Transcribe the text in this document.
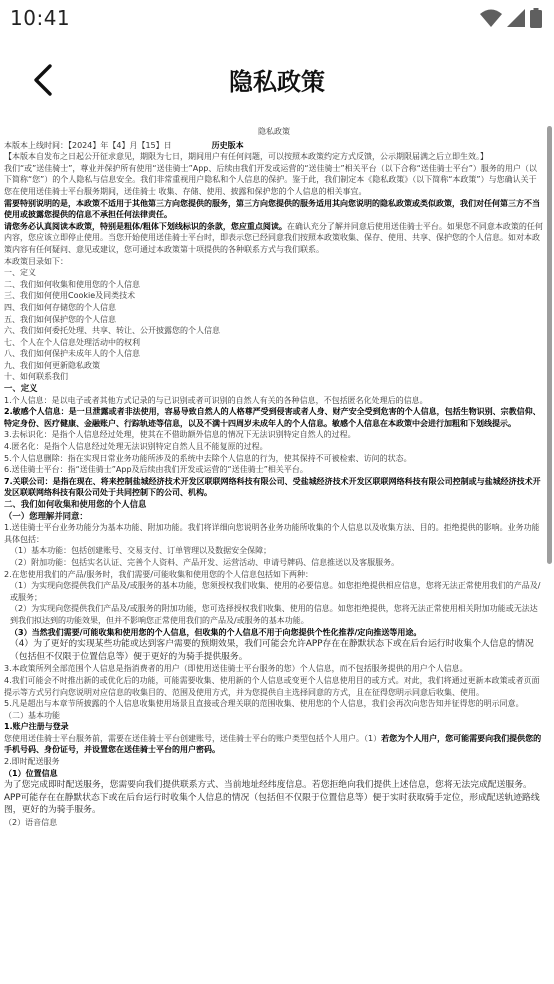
10:41
隐私政策

隐私政策

本版本上线时间：【2024】年【4】月【15】日	历史版本

【本版本自发布之日起公开征求意见，期限为七日，期间用户有任何问题，可以按照本政策约定方式反馈，公示期限届满之后立即生效。】

我们“或”送佳骑士”，尊业并保护所有使用“送佳骑士”App、后续由我们开发或运营的“送佳骑士”相关平台（以下合称“送佳骑士平台”）服务的用户（以下简称“您”）的个人隐私与信息安全。我们非常重视用户隐私和个人信息的保护。鉴于此，我们制定本《隐私政策》（以下简称“本政策”）与您确认关于您在使用送佳骑士平台服务期间，送佳骑士 收集、存储、使用、披露和保护您的个人信息的相关事宜。

需要特别说明的是，本政策不适用于其他第三方向您提供的服务，第三方向您提供的服务适用其向您说明的隐私政策或类似政策，我们对任何第三方不当使用或披露您提供的信息不承担任何法律责任。

请您务必认真阅读本政策，特别是粗体/粗体下划线标识的条款，您应重点阅读。在确认充分了解并同意后使用送佳骑士平台。如果您不同意本政策的任何内容，您应该立即停止使用。当您开始使用送佳骑士平台时，即表示您已经同意我们按照本政策收集、保存、使用、共享、保护您的个人信息。如对本政策内容有任何疑问、意见或建议，您可通过本政策第十项提供的各种联系方式与我们联系。

本政策目录如下：

一、定义

二、我们如何收集和使用您的个人信息

三、我们如何使用Cookie及同类技术

四、我们如何存储您的个人信息

五、我们如何保护您的个人信息

六、我们如何委托处理、共享、转让、公开披露您的个人信息

七、个人在个人信息处理活动中的权利

八、我们如何保护未成年人的个人信息

九、我们如何更新隐私政策

十、如何联系我们

一、定义

1.个人信息：是以电子或者其他方式记录的与已识别或者可识别的自然人有关的各种信息，不包括匿名化处理后的信息。

2.敏感个人信息：是一旦泄露或者非法使用，容易导致自然人的人格尊严受到侵害或者人身、财产安全受到危害的个人信息，包括生物识别、宗教信仰、特定身份、医疗健康、金融账户、行踪轨迹等信息，以及不满十四周岁未成年人的个人信息。敏感个人信息在本政策中会进行加粗和下划线提示。

3.去标识化：是指个人信息经过处理，使其在不借助额外信息的情况下无法识别特定自然人的过程。

4.匿名化：是指个人信息经过处理无法识别特定自然人且不能复原的过程。

5.个人信息删除：指在实现日常业务功能所涉及的系统中去除个人信息的行为，使其保持不可被检索、访问的状态。

6.送佳骑士平台：指“送佳骑士”App及后续由我们开发或运营的“送佳骑士”相关平台。

7.关联公司：是指在现在、将来控制盐城经济技术开发区联联网络科技有限公司、受盐城经济技术开发区联联网络科技有限公司控制或与盐城经济技术开发区联联网络科技有限公司处于共同控制下的公司、机构。

二、我们如何收集和使用您的个人信息

（一）您理解并同意：

1.送佳骑士平台业务功能分为基本功能、附加功能。我们将详细向您说明各业务功能所收集的个人信息以及收集方法、目的。拒绝提供的影响。业务功能具体包括：

（1）基本功能：包括创建账号、交易支付、订单管理以及数据安全保障；

（2）附加功能：包括实名认证、完善个人资料、产品开发、运营活动、申请号牌码、信息推送以及客服服务。

2.在您使用我们的产品/服务时，我们需要/可能收集和使用您的个人信息包括如下两种：

（1）为实现向您提供我们产品及/或服务的基本功能，您须授权我们收集、使用的必要信息。如您拒绝提供相应信息，您将无法正常使用我们的产品及/或服务；

（2）为实现向您提供我们产品及/或服务的附加功能，您可选择授权我们收集、使用的信息。如您拒绝提供，您将无法正常使用相关附加功能或无法达到我们拟达到的功能效果，但并不影响您正常使用我们的产品及/或服务的基本功能。

（3）当然我们需要/可能收集和使用您的个人信息，但收集的个人信息不用于向您提供个性化推荐/定向推送等用途。

（4）为了更好的实现某些功能或达到客户需要的预期效果，我们可能会允许APP存在在静默状态下或在后台运行时收集个人信息的情况（包括但不仅限于位置信息等）便于更好的为骑手提供服务。

3.本政策所列全部范围个人信息是指消费者的用户（即使用送佳骑士平台服务的您）个人信息，而不包括服务提供的用户个人信息。

4.我们可能会不时推出新的或优化后的功能，可能需要收集、使用新的个人信息或变更个人信息使用目的或方式。对此，我们将通过更新本政策或者页面提示等方式另行向您说明对应信息的收集目的、范围及使用方式，并为您提供自主选择同意的方式，且在征得您明示同意后收集、使用。

5.凡是超出与本章节所披露的个人信息收集使用场景且直接或合理关联的范围收集、使用您的个人信息，我们会再次向您告知并征得您的明示同意。

（二）基本功能

1.账户注册与登录

您使用送佳骑士平台服务前，需要在送佳骑士平台创建账号，送佳骑士平台的账户类型包括个人用户。（1）若您为个人用户，您可能需要向我们提供您的手机号码、身份证号，并设置您在送佳骑士平台的用户密码。

2.即时配送服务

（1）位置信息

为了您完成即时配送服务，您需要向我们提供联系方式、当前地址经纬度信息。若您拒绝向我们提供上述信息，您将无法完成配送服务。

APP可能存在在静默状态下或在后台运行时收集个人信息的情况（包括但不仅限于位置信息等）便于实时获取骑手定位，形成配送轨迹路线图，更好的为骑手服务。

（2）语音信息
